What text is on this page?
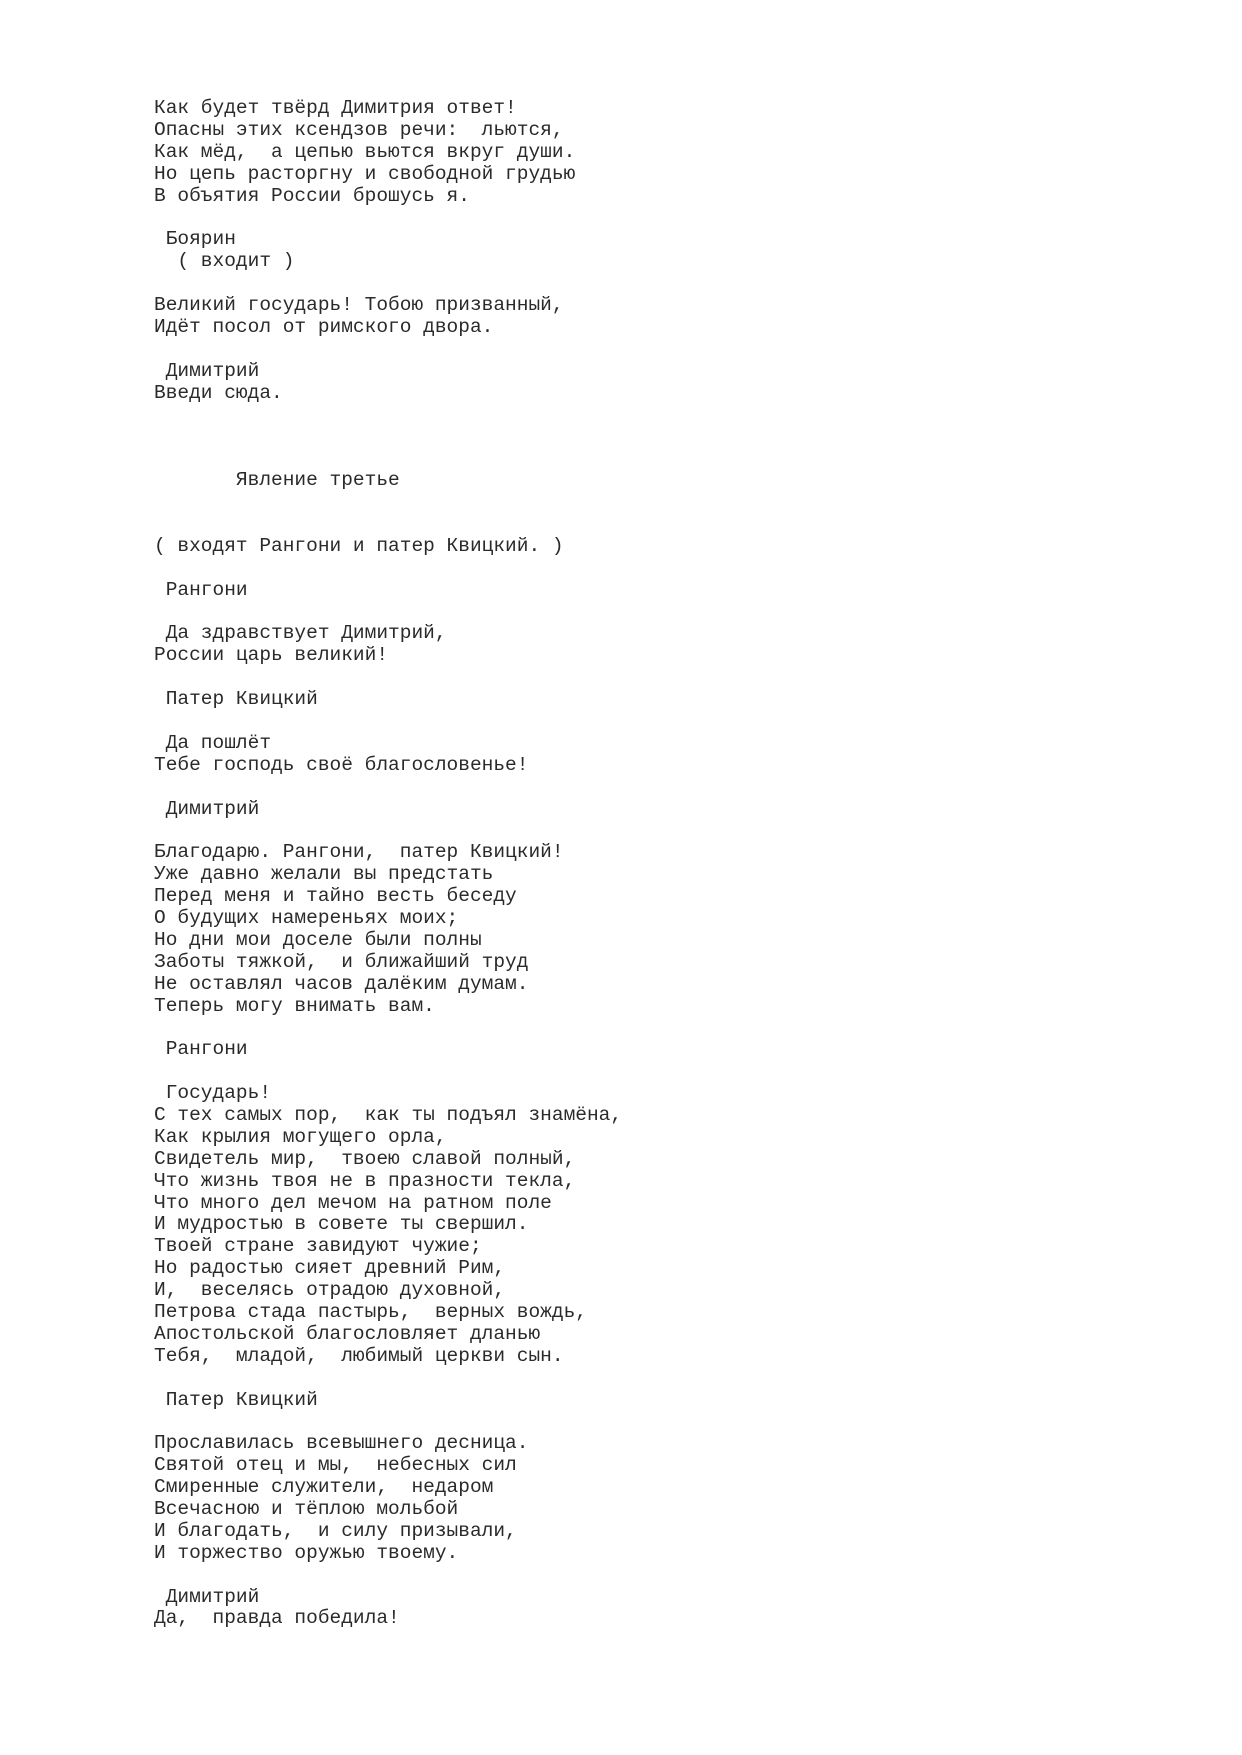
Как будет твёрд Димитрия ответ!
Опасны этих ксендзов речи:  льются,
Как мёд,  а цепью вьются вкруг души.
Но цепь расторгну и свободной грудью
В объятия России брошусь я.
Боярин
( входит )
Великий государь! Тобою призванный,
Идёт посол от римского двора.
Димитрий
Введи сюда.
Явление третье
( входят Рангони и патер Квицкий. )
Рангони
Да здравствует Димитрий,
России царь великий!
Патер Квицкий
Да пошлёт
Тебе господь своё благословенье!
Димитрий
Благодарю. Рангони,  патер Квицкий!
Уже давно желали вы предстать
Перед меня и тайно весть беседу
О будущих намереньях моих;
Но дни мои доселе были полны
Заботы тяжкой,  и ближайший труд
Не оставлял часов далёким думам.
Теперь могу внимать вам.
Рангони
Государь!
С тех самых пор,  как ты подъял знамёна,
Как крылия могущего орла,
Свидетель мир,  твоею славой полный,
Что жизнь твоя не в празности текла,
Что много дел мечом на ратном поле
И мудростью в совете ты свершил.
Твоей стране завидуют чужие;
Но радостью сияет древний Рим,
И,  веселясь отрадою духовной,
Петрова стада пастырь,  верных вождь,
Апостольской благословляет дланью
Тебя,  младой,  любимый церкви сын.
Патер Квицкий
Прославилась всевышнего десница.
Святой отец и мы,  небесных сил
Смиренные служители,  недаром
Всечасною и тёплою мольбой
И благодать,  и силу призывали,
И торжество оружью твоему.
Димитрий
Да,  правда победила!
